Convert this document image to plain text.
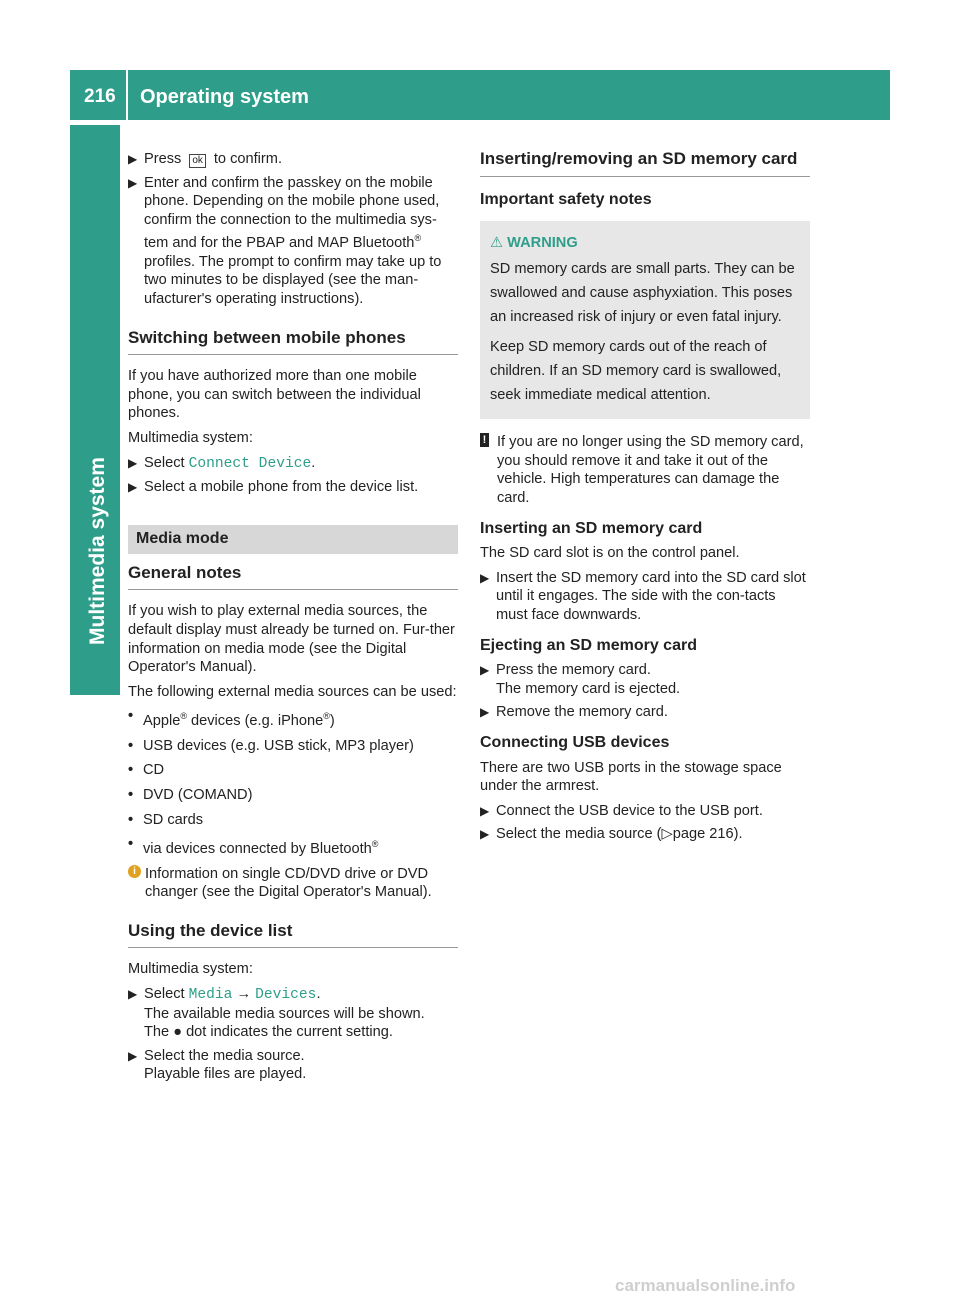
216 Operating system
Multimedia system
▶ Press ok to confirm.
▶ Enter and confirm the passkey on the mobile phone. Depending on the mobile phone used, confirm the connection to the multimedia sys-tem and for the PBAP and MAP Bluetooth® profiles. The prompt to confirm may take up to two minutes to be displayed (see the man-ufacturer's operating instructions).
Switching between mobile phones

If you have authorized more than one mobile phone, you can switch between the individual phones.

Multimedia system:

▶ Select Connect Device.
▶ Select a mobile phone from the device list.
Media mode
General notes

If you wish to play external media sources, the default display must already be turned on. Fur-ther information on media mode (see the Digital Operator's Manual).

The following external media sources can be used:

• Apple® devices (e.g. iPhone®)
• USB devices (e.g. USB stick, MP3 player)
• CD
• DVD (COMAND)
• SD cards
• via devices connected by Bluetooth®
i Information on single CD/DVD drive or DVD changer (see the Digital Operator's Manual).
Using the device list

Multimedia system:

▶ Select Media → Devices.
The available media sources will be shown.
The ● dot indicates the current setting.
▶ Select the media source.
Playable files are played.
Inserting/removing an SD memory card
Important safety notes
⚠ WARNING

SD memory cards are small parts. They can be swallowed and cause asphyxiation. This poses an increased risk of injury or even fatal injury.

Keep SD memory cards out of the reach of children. If an SD memory card is swallowed, seek immediate medical attention.

! If you are no longer using the SD memory card, you should remove it and take it out of the vehicle. High temperatures can damage the card.
Inserting an SD memory card

The SD card slot is on the control panel.

▶ Insert the SD memory card into the SD card slot until it engages. The side with the con-tacts must face downwards.
Ejecting an SD memory card
▶ Press the memory card.
The memory card is ejected.
▶ Remove the memory card.
Connecting USB devices

There are two USB ports in the stowage space under the armrest.

▶ Connect the USB device to the USB port.
▶ Select the media source (▷page 216).
carmanualsonline.info
